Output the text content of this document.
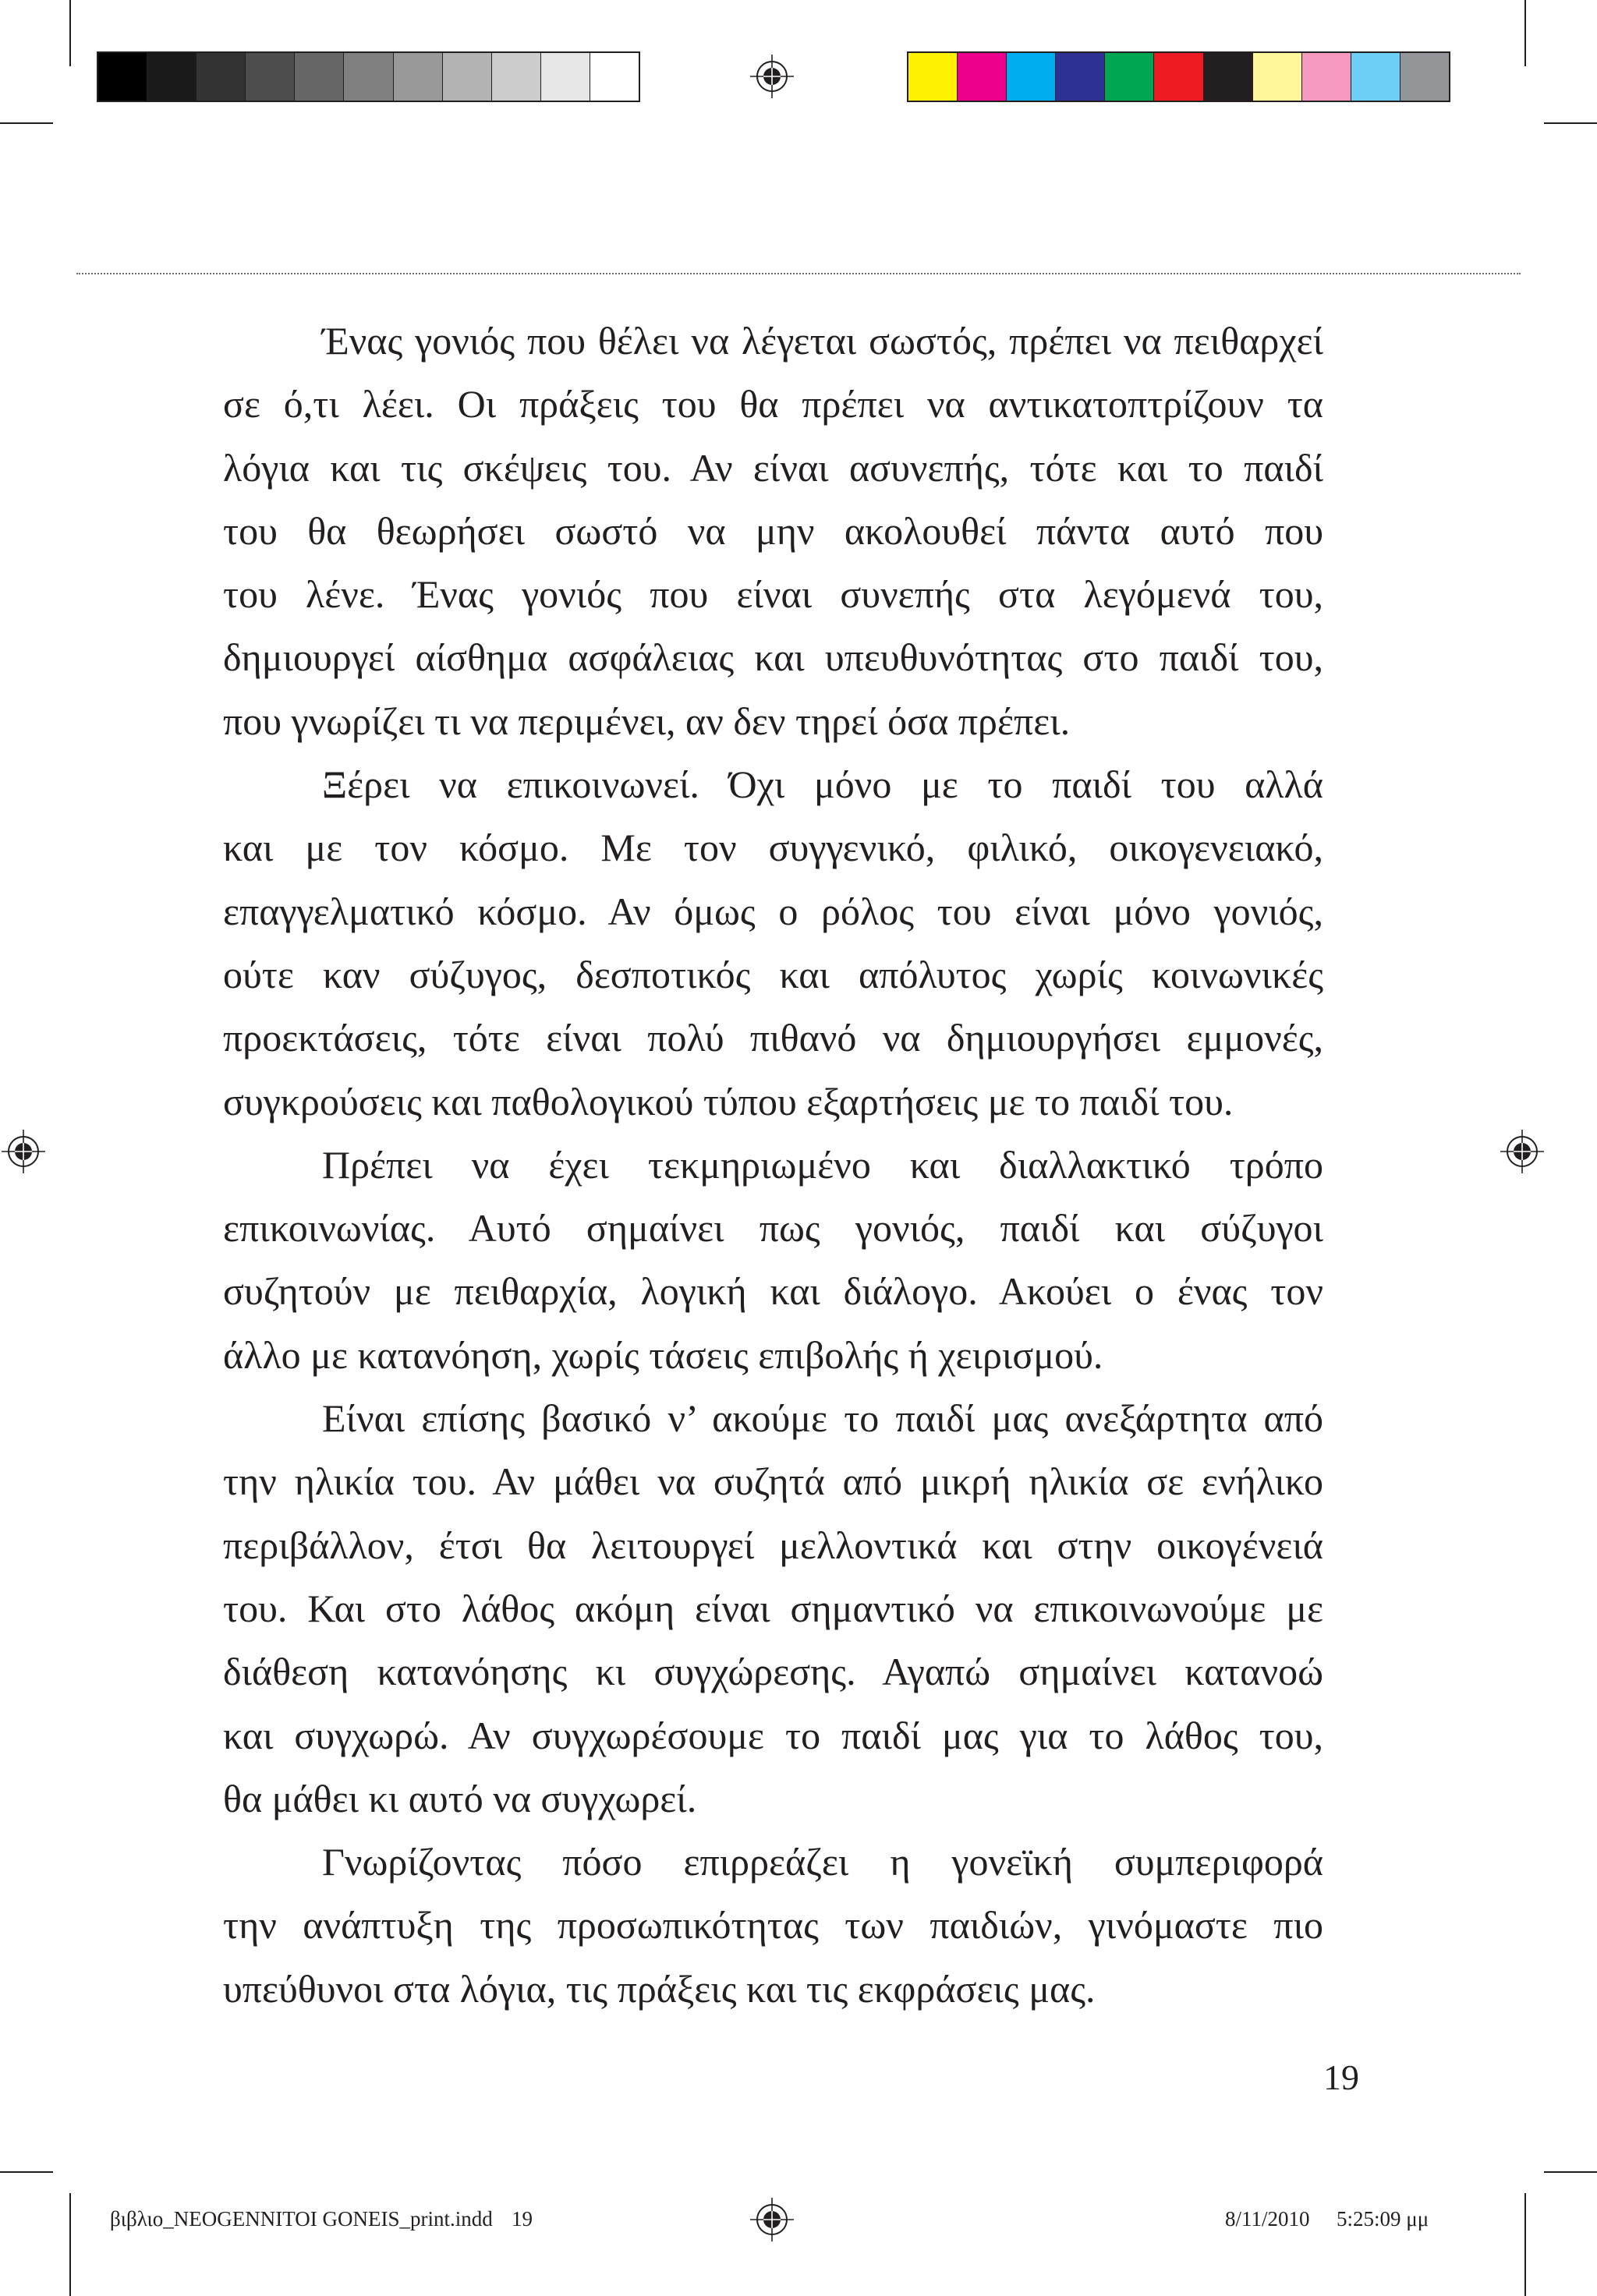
Ένας γονιός που θέλει να λέγεται σωστός, πρέπει να πειθαρχεί
σε ό,τι λέει. Οι πράξεις του θα πρέπει να αντικατοπτρίζουν τα
λόγια και τις σκέψεις του. Αν είναι ασυνεπής, τότε και το παιδί
του θα θεωρήσει σωστό να μην ακολουθεί πάντα αυτό που
του λένε. Ένας γονιός που είναι συνεπής στα λεγόμενά του,
δημιουργεί αίσθημα ασφάλειας και υπευθυνότητας στο παιδί του,
που γνωρίζει τι να περιμένει, αν δεν τηρεί όσα πρέπει.
Ξέρει να επικοινωνεί. Όχι μόνο με το παιδί του αλλά
και με τον κόσμο. Με τον συγγενικό, φιλικό, οικογενειακό,
επαγγελματικό κόσμο. Αν όμως ο ρόλος του είναι μόνο γονιός,
ούτε καν σύζυγος, δεσποτικός και απόλυτος χωρίς κοινωνικές
προεκτάσεις, τότε είναι πολύ πιθανό να δημιουργήσει εμμονές,
συγκρούσεις και παθολογικού τύπου εξαρτήσεις με το παιδί του.
Πρέπει να έχει τεκμηριωμένο και διαλλακτικό τρόπο
επικοινωνίας. Αυτό σημαίνει πως γονιός, παιδί και σύζυγοι
συζητούν με πειθαρχία, λογική και διάλογο. Ακούει ο ένας τον
άλλο με κατανόηση, χωρίς τάσεις επιβολής ή χειρισμού.
Είναι επίσης βασικό ν’ ακούμε το παιδί μας ανεξάρτητα από
την ηλικία του. Αν μάθει να συζητά από μικρή ηλικία σε ενήλικο
περιβάλλον, έτσι θα λειτουργεί μελλοντικά και στην οικογένειά
του. Και στο λάθος ακόμη είναι σημαντικό να επικοινωνούμε με
διάθεση κατανόησης κι συγχώρεσης. Αγαπώ σημαίνει κατανοώ
και συγχωρώ. Αν συγχωρέσουμε το παιδί μας για το λάθος του,
θα μάθει κι αυτό να συγχωρεί.
Γνωρίζοντας πόσο επιρρεάζει η γονεϊκή συμπεριφορά
την ανάπτυξη της προσωπικότητας των παιδιών, γινόμαστε πιο
υπεύθυνοι στα λόγια, τις πράξεις και τις εκφράσεις μας.
19
βιβλιο_NEOGENNITOI GONEIS_print.indd 19	8/11/2010 5:25:09 μμ
